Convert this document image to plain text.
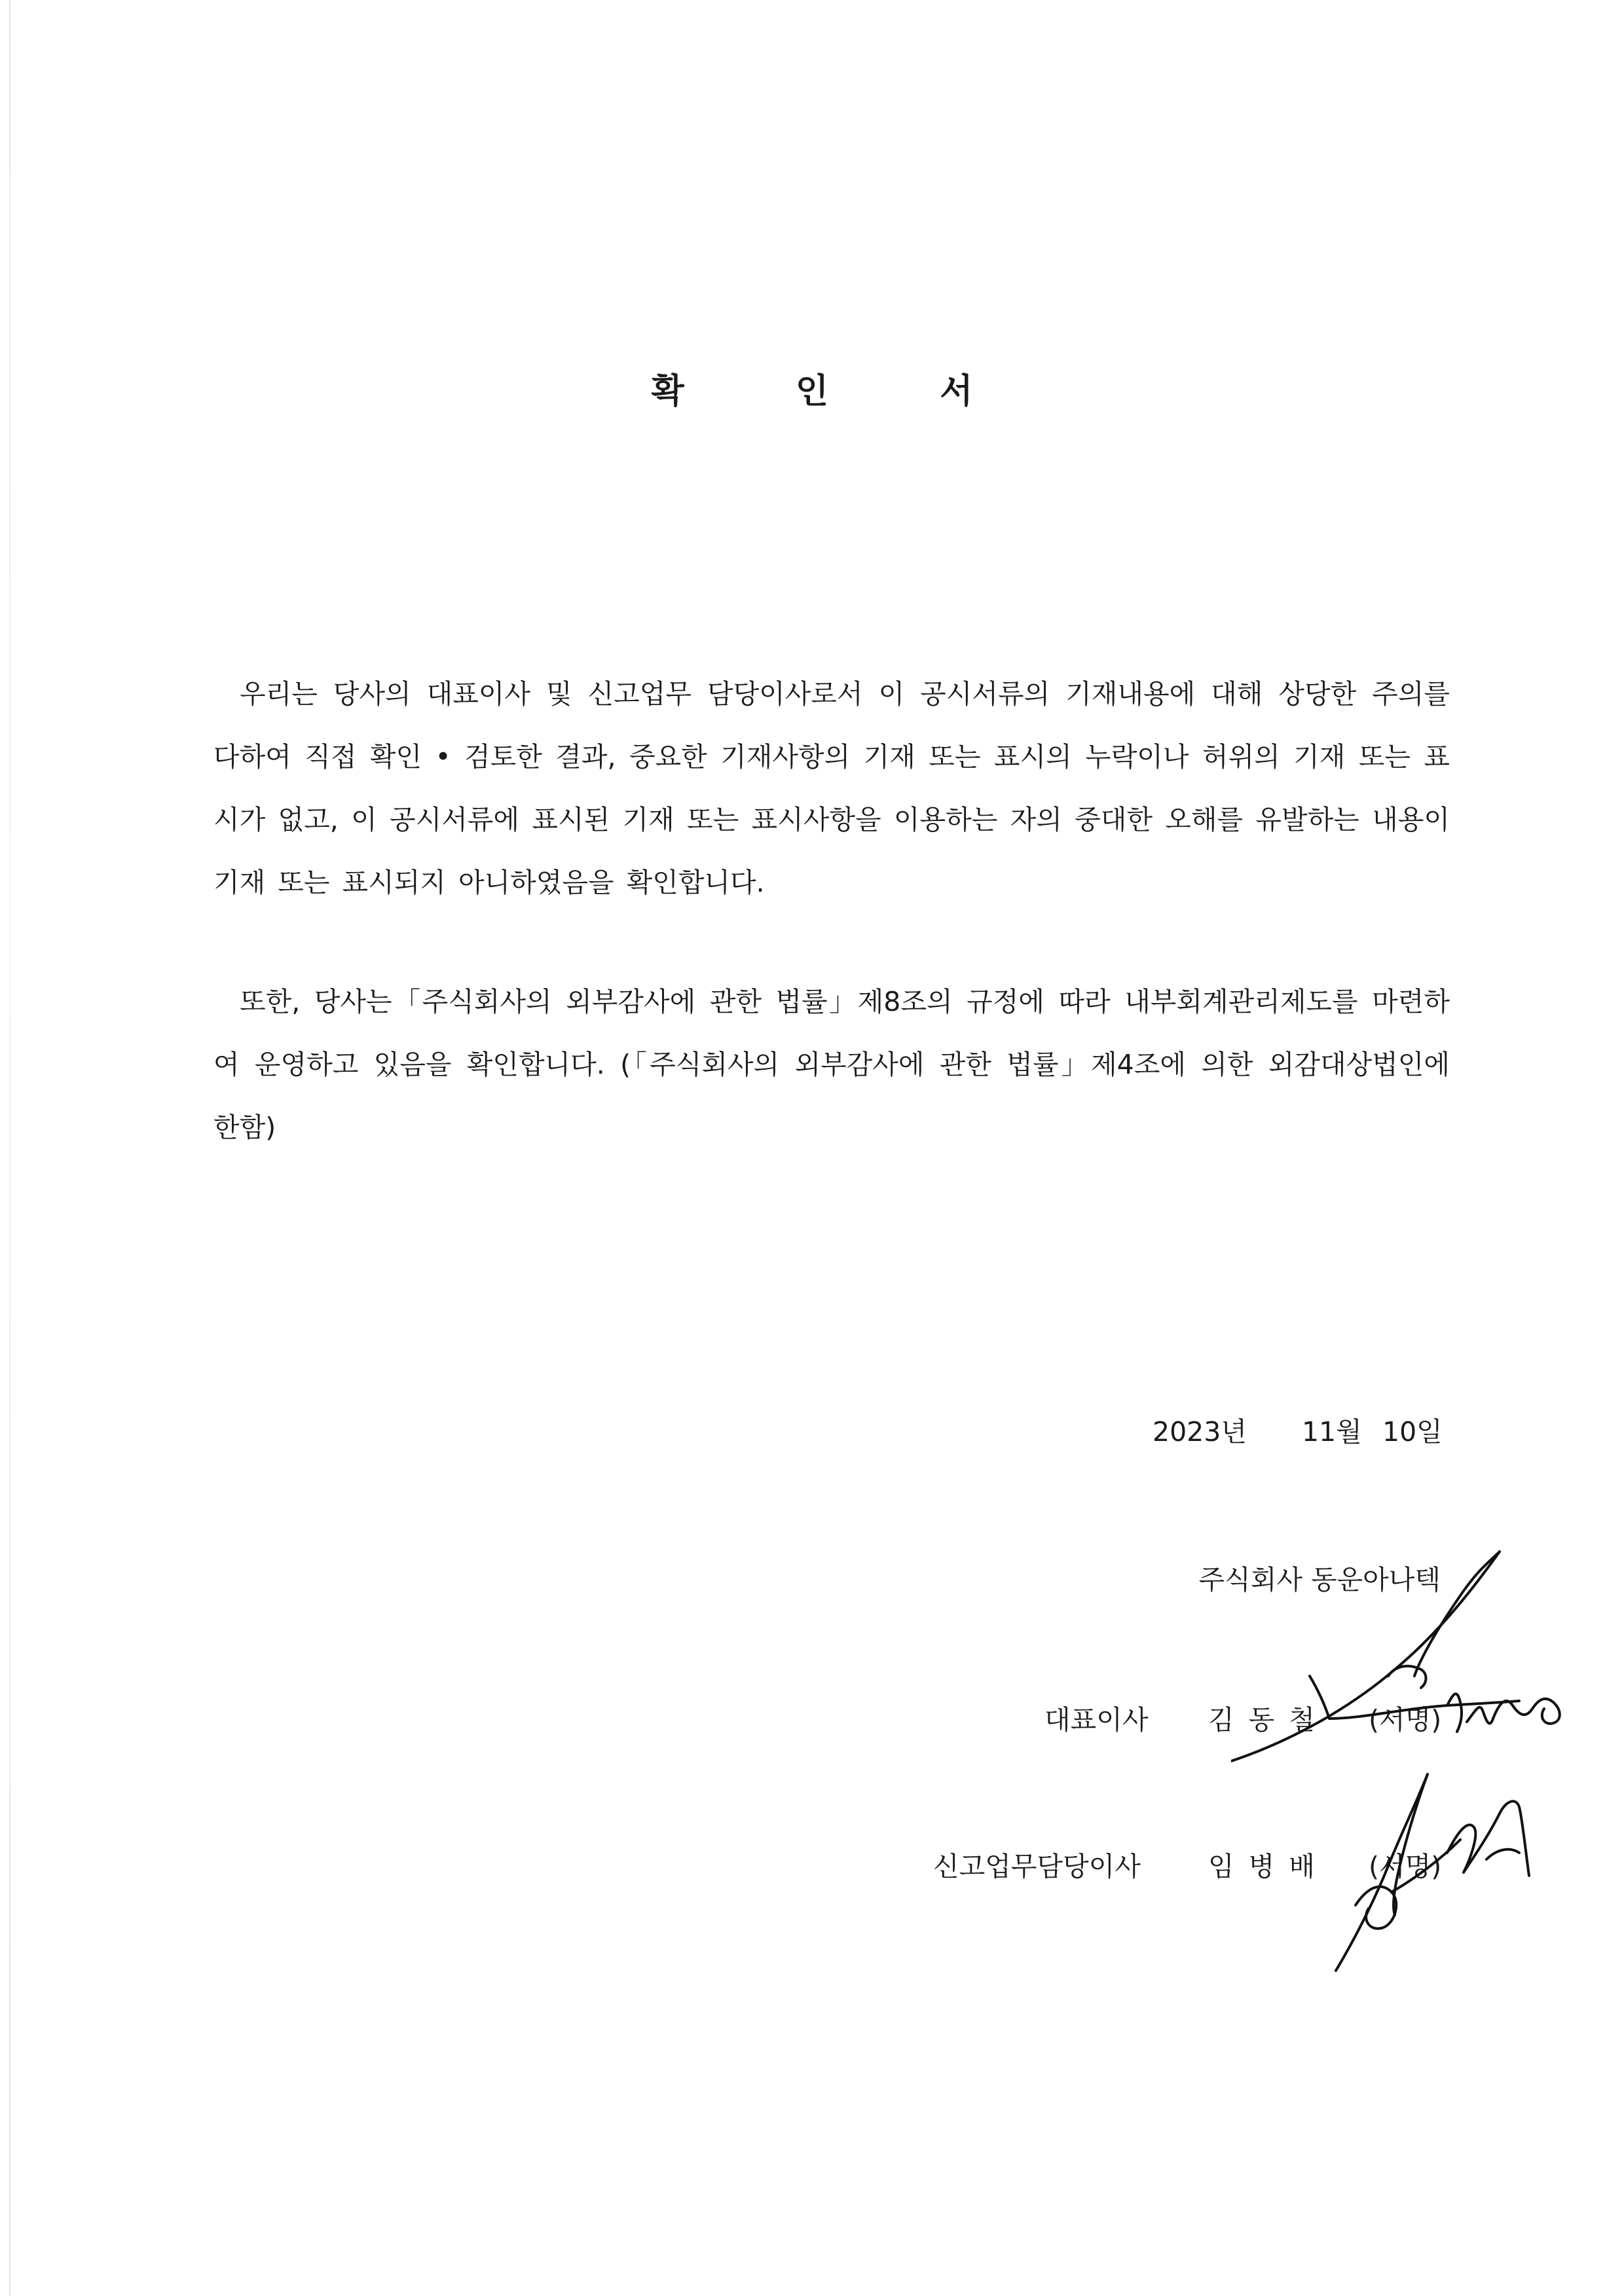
확 인 서

우리는 당사의 대표이사 및 신고업무 담당이사로서 이 공시서류의 기재내용에 대해 상당한 주의를 다하여 직접 확인 • 검토한 결과, 중요한 기재사항의 기재 또는 표시의 누락이나 허위의 기재 또는 표시가 없고, 이 공시서류에 표시된 기재 또는 표시사항을 이용하는 자의 중대한 오해를 유발하는 내용이 기재 또는 표시되지 아니하였음을 확인합니다.

또한, 당사는「주식회사의 외부감사에 관한 법률」제8조의 규정에 따라 내부회계관리제도를 마련하여 운영하고 있음을 확인합니다. (「주식회사의 외부감사에 관한 법률」제4조에 의한 외감대상법인에 한함)

2023년 11월 10일
주식회사 동운아나텍
대표이사 김동철 (서명)
신고업무담당이사	임병배 (서명)
